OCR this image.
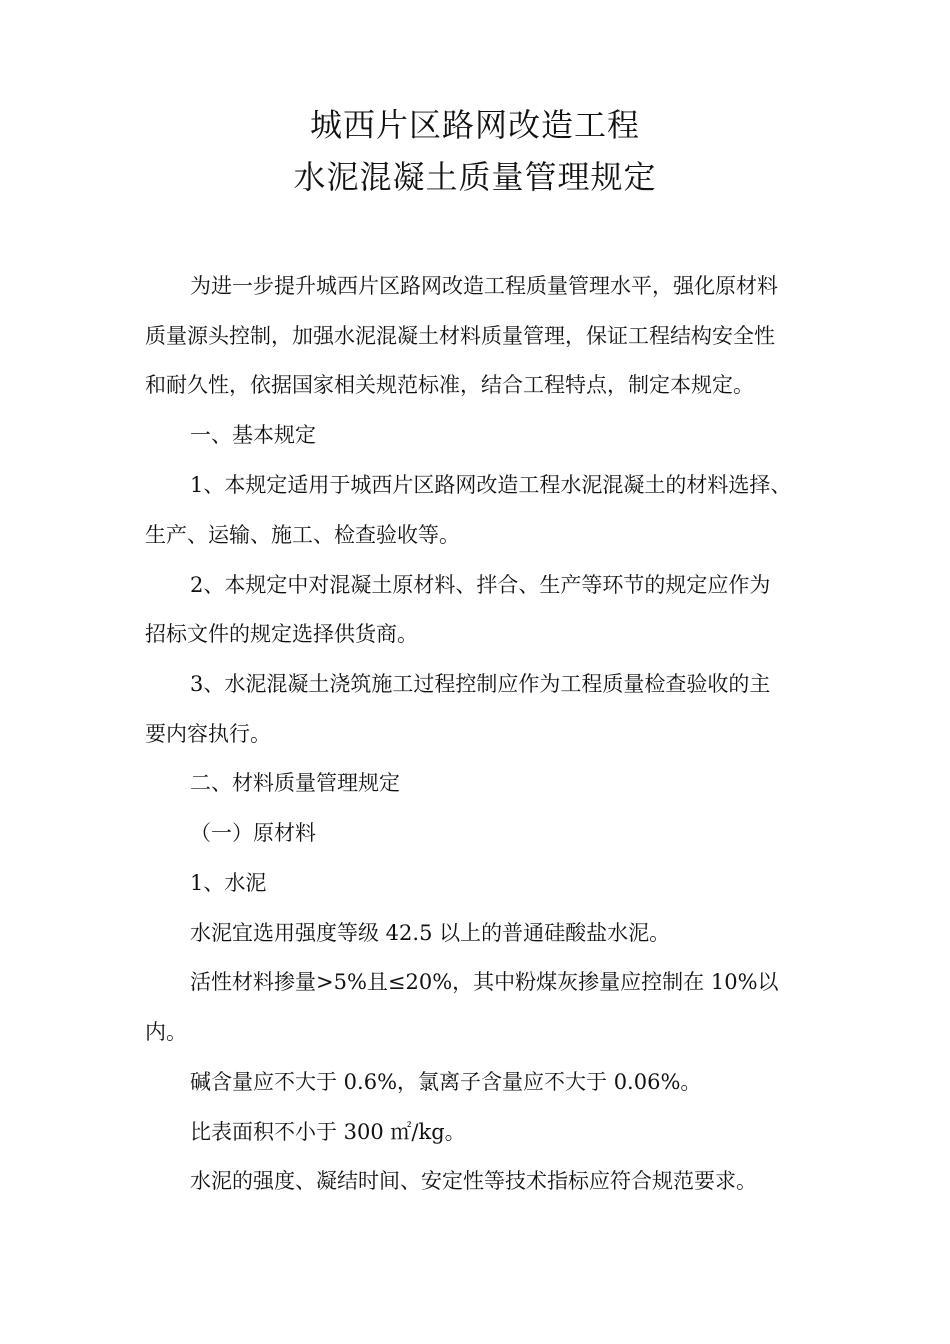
城西片区路网改造工程
水泥混凝土质量管理规定
为进一步提升城西片区路网改造工程质量管理水平，强化原材料
质量源头控制，加强水泥混凝土材料质量管理，保证工程结构安全性
和耐久性，依据国家相关规范标准，结合工程特点，制定本规定。
一、基本规定
1、本规定适用于城西片区路网改造工程水泥混凝土的材料选择、
生产、运输、施工、检查验收等。
2、本规定中对混凝土原材料、拌合、生产等环节的规定应作为
招标文件的规定选择供货商。
3、水泥混凝土浇筑施工过程控制应作为工程质量检查验收的主
要内容执行。
二、材料质量管理规定
（一）原材料
1、水泥
水泥宜选用强度等级 42.5 以上的普通硅酸盐水泥。
活性材料掺量>5%且≤20%，其中粉煤灰掺量应控制在 10%以
内。
碱含量应不大于 0.6%，氯离子含量应不大于 0.06%。
比表面积不小于 300 ㎡/kg。
水泥的强度、凝结时间、安定性等技术指标应符合规范要求。
